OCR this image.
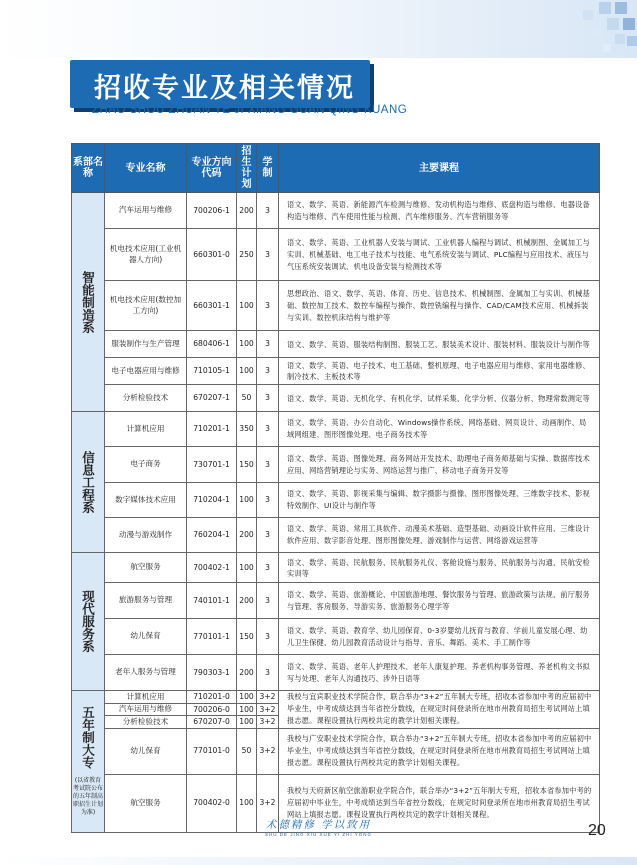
招收专业及相关情况
ZHAO SHOU ZHUAN YE JI XIANG GUAN QING KUANG
系部名称	专业名称	专业方向代码	招生计划	学制	主要课程
智能制造系	汽车运用与维修	700206-1	200	3	语文、数学、英语、新能源汽车检测与维修、发动机构造与维修、底盘构造与维修、电器设备构造与维修、汽车使用性能与检测、汽车维修服务、汽车营销服务等
	机电技术应用(工业机器人方向)	660301-0	250	3	语文、数学、英语、工业机器人安装与调试、工业机器人编程与调试、机械制图、金属加工与实训、机械基础、电工电子技术与技能、电气系统安装与调试、PLC编程与应用技术、液压与气压系统安装调试、机电设备安装与检测技术等
	机电技术应用(数控加工方向)	660301-1	100	3	思想政治、语文、数学、英语、体育、历史、信息技术、机械制图、金属加工与实训、机械基础、数控加工技术、数控车编程与操作、数控铣编程与操作、CAD/CAM技术应用、机械拆装与实训、数控机床结构与维护等
	服装制作与生产管理	680406-1	100	3	语文、数学、英语、服装结构制图、服装工艺、服装美术设计、服装材料、服装设计与制作等
	电子电器应用与维修	710105-1	100	3	语文、数学、英语、电子技术、电工基础、整机原理、电子电器应用与维修、家用电器维修、制冷技术、主板技术等
	分析检验技术	670207-1	50	3	语文、数学、英语、无机化学、有机化学、试样采集、化学分析、仪器分析、物理常数测定等
信息工程系	计算机应用	710201-1	350	3	语文、数学、英语、办公自动化、Windows操作系统、网络基础、网页设计、动画制作、局域网组建、图形图像处理、电子商务技术等
	电子商务	730701-1	150	3	语文、数学、英语、图像处理、商务网站开发技术、助理电子商务师基础与实操、数据库技术应用、网络营销理论与实务、网络运营与推广、移动电子商务开发等
	数字媒体技术应用	710204-1	100	3	语文、数学、英语、影视采集与编辑、数字摄影与摄像、图形图像处理、三维数字技术、影视特效制作、UI设计与制作等
	动漫与游戏制作	760204-1	200	3	语文、数学、英语、常用工具软件、动漫美术基础、造型基础、动画设计软件应用、三维设计软件应用、数字影音处理、图形图像处理、游戏制作与运营、网络游戏运营等
现代服务系	航空服务	700402-1	100	3	语文、数学、英语、民航服务、民航服务礼仪、客舱设施与服务、民航服务与沟通、民航安检实训等
	旅游服务与管理	740101-1	200	3	语文、数学、英语、旅游概论、中国旅游地理、餐饮服务与管理、旅游政策与法规、前厅服务与管理、客房服务、导游实务、旅游服务心理学等
	幼儿保育	770101-1	150	3	语文、数学、英语、教育学、幼儿园保育、0-3岁婴幼儿抚育与教育、学前儿童发展心理、幼儿卫生保健、幼儿园教育活动设计与指导、音乐、舞蹈、美术、手工制作等
	老年人服务与管理	790303-1	200	3	语文、数学、英语、老年人护理技术、老年人康复护理、养老机构事务管理、养老机构文书拟写与处理、老年人沟通技巧、涉外日语等
五年制大专
(以省教育考试院公布的五年制高职招生计划为准)	计算机应用	710201-0	100	3+2	我校与宜宾职业技术学院合作，联合举办“3+2”五年制大专班，招收本省参加中考的应届初中毕业生，中考成绩达到当年省控分数线，在规定时间登录所在地市州教育局招生考试网站上填报志愿。课程设置执行两校共定的教学计划相关课程。
	汽车运用与维修	700206-0	100	3+2	
	分析检验技术	670207-0	100	3+2	
	幼儿保育	770101-0	50	3+2	我校与广安职业技术学院合作，联合举办“3+2”五年制大专班，招收本省参加中考的应届初中毕业生，中考成绩达到当年省控分数线，在规定时间登录所在地市州教育局招生考试网站上填报志愿。课程设置执行两校共定的教学计划相关课程。
	航空服务	700402-0	100	3+2	我校与天府新区航空旅游职业学院合作，联合举办“3+2”五年制大专班，招收本省参加中考的应届初中毕业生，中考成绩达到当年省控分数线，在规定时间登录所在地市州教育局招生考试网站上填报志愿。课程设置执行两校共定的教学计划相关课程。
术德精修 学以致用
SHU DE JING XIU XUE YI ZHI YONG	20
